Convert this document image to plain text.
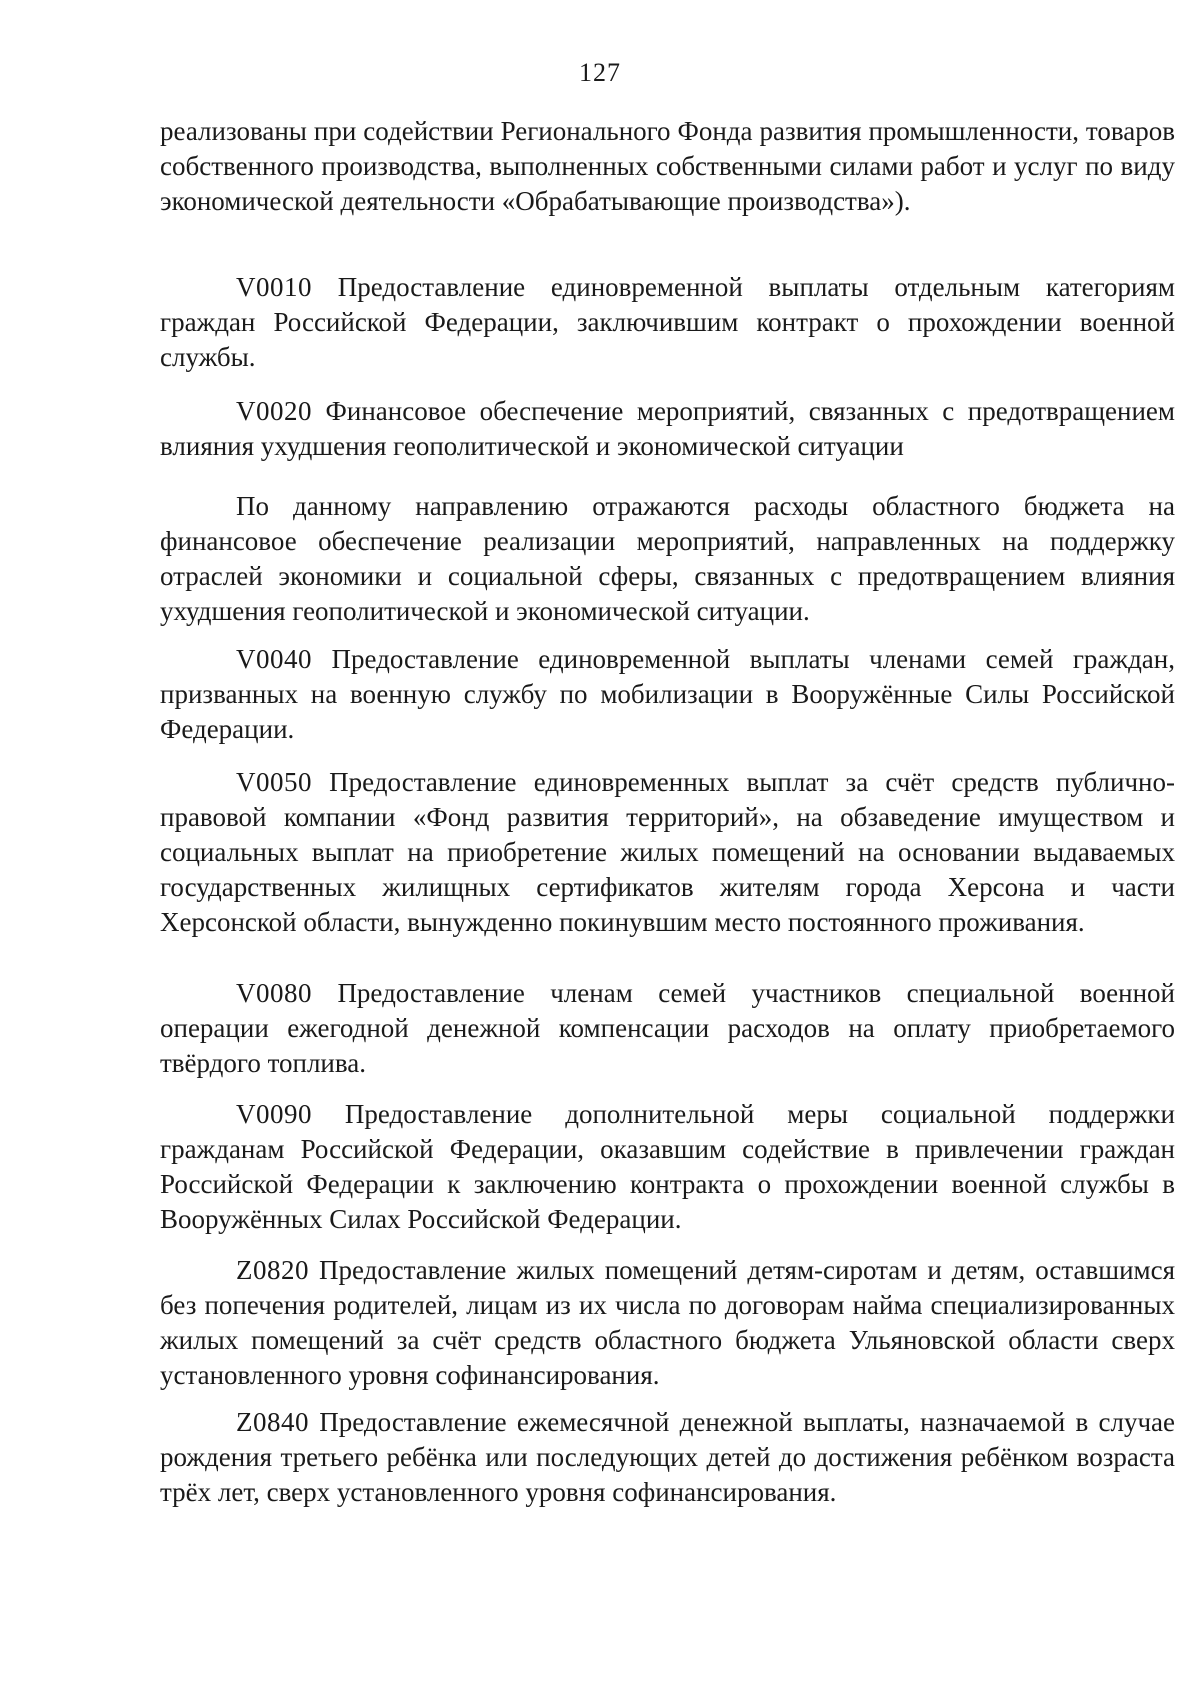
127

реализованы при содействии Регионального Фонда развития промышленности, товаров собственного производства, выполненных собственными силами работ и услуг по виду экономической деятельности «Обрабатывающие производства»).

V0010 Предоставление единовременной выплаты отдельным категориям граждан Российской Федерации, заключившим контракт о прохождении военной службы.

V0020 Финансовое обеспечение мероприятий, связанных с предотвращением влияния ухудшения геополитической и экономической ситуации

По данному направлению отражаются расходы областного бюджета на финансовое обеспечение реализации мероприятий, направленных на поддержку отраслей экономики и социальной сферы, связанных с предотвращением влияния ухудшения геополитической и экономической ситуации.

V0040 Предоставление единовременной выплаты членами семей граждан, призванных на военную службу по мобилизации в Вооружённые Силы Российской Федерации.

V0050 Предоставление единовременных выплат за счёт средств публично-правовой компании «Фонд развития территорий», на обзаведение имуществом и социальных выплат на приобретение жилых помещений на основании выдаваемых государственных жилищных сертификатов жителям города Херсона и части Херсонской области, вынужденно покинувшим место постоянного проживания.

V0080 Предоставление членам семей участников специальной военной операции ежегодной денежной компенсации расходов на оплату приобретаемого твёрдого топлива.

V0090 Предоставление дополнительной меры социальной поддержки гражданам Российской Федерации, оказавшим содействие в привлечении граждан Российской Федерации к заключению контракта о прохождении военной службы в Вооружённых Силах Российской Федерации.

Z0820 Предоставление жилых помещений детям-сиротам и детям, оставшимся без попечения родителей, лицам из их числа по договорам найма специализированных жилых помещений за счёт средств областного бюджета Ульяновской области сверх установленного уровня софинансирования.

Z0840 Предоставление ежемесячной денежной выплаты, назначаемой в случае рождения третьего ребёнка или последующих детей до достижения ребёнком возраста трёх лет, сверх установленного уровня софинансирования.
